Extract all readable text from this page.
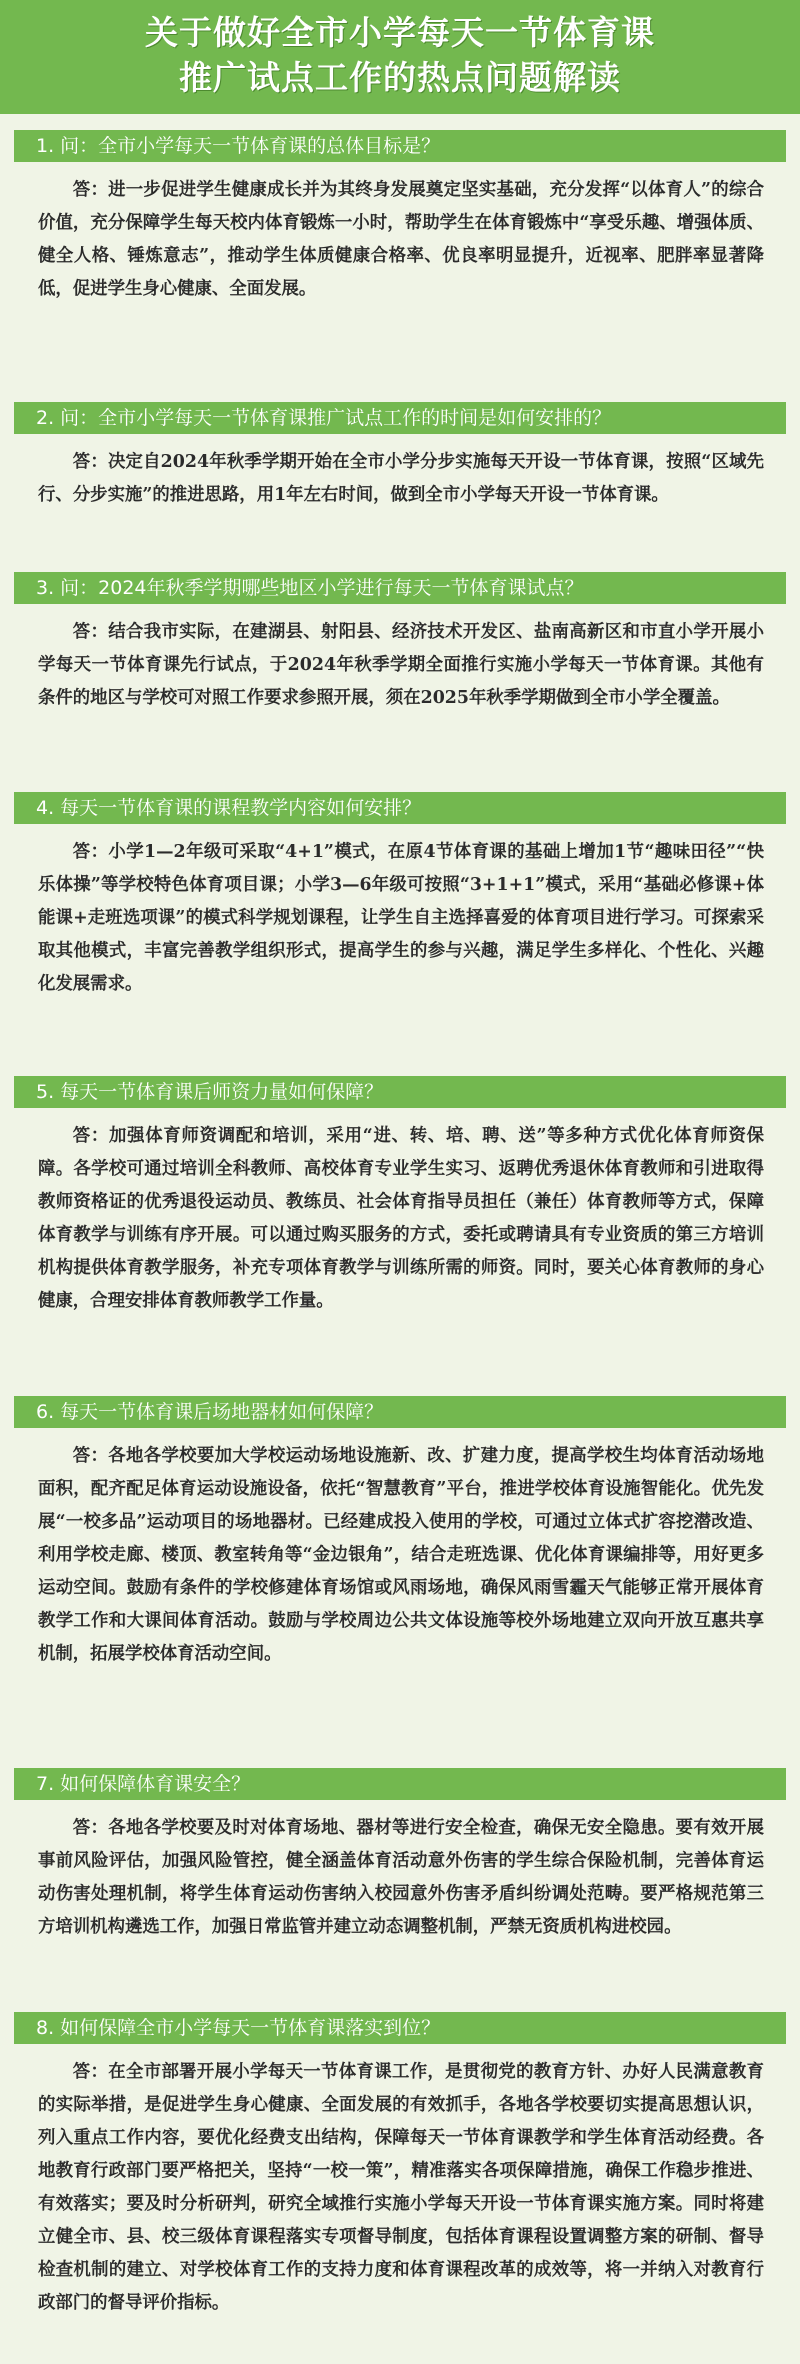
关于做好全市小学每天一节体育课
推广试点工作的热点问题解读
1. 问：全市小学每天一节体育课的总体目标是？

答：进一步促进学生健康成长并为其终身发展奠定坚实基础，充分发挥“以体育人”的综合价值，充分保障学生每天校内体育锻炼一小时，帮助学生在体育锻炼中“享受乐趣、增强体质、健全人格、锤炼意志”，推动学生体质健康合格率、优良率明显提升，近视率、肥胖率显著降低，促进学生身心健康、全面发展。

2. 问：全市小学每天一节体育课推广试点工作的时间是如何安排的？

答：决定自2024年秋季学期开始在全市小学分步实施每天开设一节体育课，按照“区域先行、分步实施”的推进思路，用1年左右时间，做到全市小学每天开设一节体育课。

3. 问：2024年秋季学期哪些地区小学进行每天一节体育课试点？

答：结合我市实际，在建湖县、射阳县、经济技术开发区、盐南高新区和市直小学开展小学每天一节体育课先行试点，于2024年秋季学期全面推行实施小学每天一节体育课。其他有条件的地区与学校可对照工作要求参照开展，须在2025年秋季学期做到全市小学全覆盖。

4. 每天一节体育课的课程教学内容如何安排？

答：小学1—2年级可采取“4+1”模式，在原4节体育课的基础上增加1节“趣味田径”“快乐体操”等学校特色体育项目课；小学3—6年级可按照“3+1+1”模式，采用“基础必修课+体能课+走班选项课”的模式科学规划课程，让学生自主选择喜爱的体育项目进行学习。可探索采取其他模式，丰富完善教学组织形式，提高学生的参与兴趣，满足学生多样化、个性化、兴趣化发展需求。

5. 每天一节体育课后师资力量如何保障？

答：加强体育师资调配和培训，采用“进、转、培、聘、送”等多种方式优化体育师资保障。各学校可通过培训全科教师、高校体育专业学生实习、返聘优秀退休体育教师和引进取得教师资格证的优秀退役运动员、教练员、社会体育指导员担任（兼任）体育教师等方式，保障体育教学与训练有序开展。可以通过购买服务的方式，委托或聘请具有专业资质的第三方培训机构提供体育教学服务，补充专项体育教学与训练所需的师资。同时，要关心体育教师的身心健康，合理安排体育教师教学工作量。

6. 每天一节体育课后场地器材如何保障？

答：各地各学校要加大学校运动场地设施新、改、扩建力度，提高学校生均体育活动场地面积，配齐配足体育运动设施设备，依托“智慧教育”平台，推进学校体育设施智能化。优先发展“一校多品”运动项目的场地器材。已经建成投入使用的学校，可通过立体式扩容挖潜改造、利用学校走廊、楼顶、教室转角等“金边银角”，结合走班选课、优化体育课编排等，用好更多运动空间。鼓励有条件的学校修建体育场馆或风雨场地，确保风雨雪霾天气能够正常开展体育教学工作和大课间体育活动。鼓励与学校周边公共文体设施等校外场地建立双向开放互惠共享机制，拓展学校体育活动空间。

7. 如何保障体育课安全？

答：各地各学校要及时对体育场地、器材等进行安全检查，确保无安全隐患。要有效开展事前风险评估，加强风险管控，健全涵盖体育活动意外伤害的学生综合保险机制，完善体育运动伤害处理机制，将学生体育运动伤害纳入校园意外伤害矛盾纠纷调处范畴。要严格规范第三方培训机构遴选工作，加强日常监管并建立动态调整机制，严禁无资质机构进校园。

8. 如何保障全市小学每天一节体育课落实到位？

答：在全市部署开展小学每天一节体育课工作，是贯彻党的教育方针、办好人民满意教育的实际举措，是促进学生身心健康、全面发展的有效抓手，各地各学校要切实提高思想认识，列入重点工作内容，要优化经费支出结构，保障每天一节体育课教学和学生体育活动经费。各地教育行政部门要严格把关，坚持“一校一策”，精准落实各项保障措施，确保工作稳步推进、有效落实；要及时分析研判，研究全域推行实施小学每天开设一节体育课实施方案。同时将建立健全市、县、校三级体育课程落实专项督导制度，包括体育课程设置调整方案的研制、督导检查机制的建立、对学校体育工作的支持力度和体育课程改革的成效等，将一并纳入对教育行政部门的督导评价指标。
